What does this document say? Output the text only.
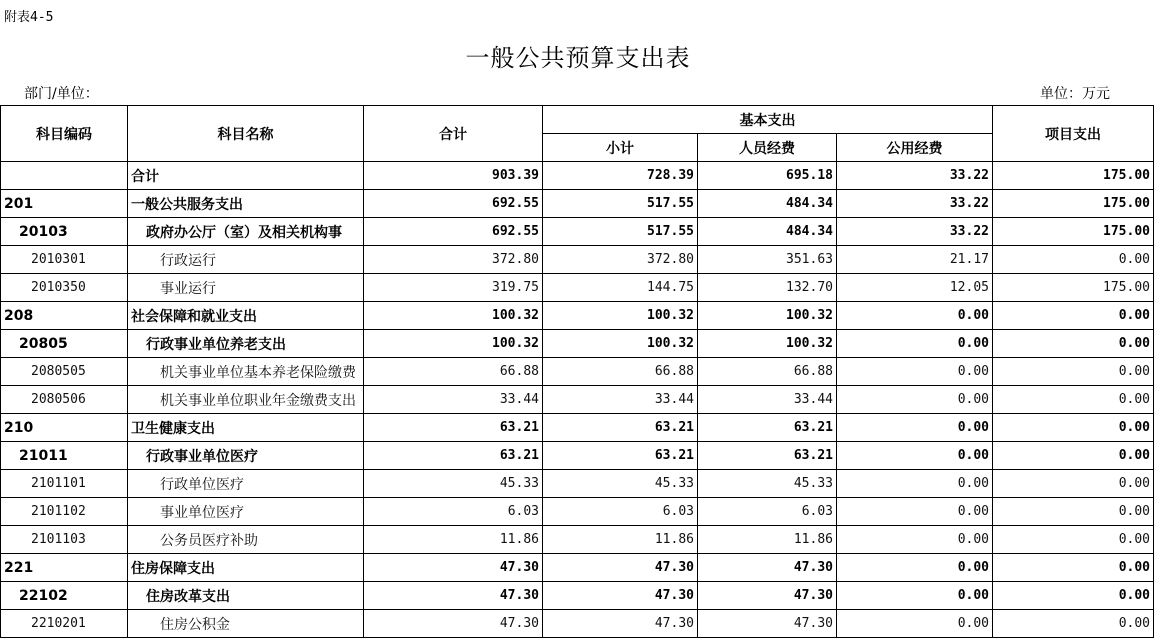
附表4-5
一般公共预算支出表
部门/单位：	单位：万元
科目编码	科目名称	合计	基本支出			项目支出
			小计	人员经费	公用经费	
	合计	903.39	728.39	695.18	33.22	175.00
201	一般公共服务支出	692.55	517.55	484.34	33.22	175.00
20103	政府办公厅（室）及相关机构事	692.55	517.55	484.34	33.22	175.00
2010301	行政运行	372.80	372.80	351.63	21.17	0.00
2010350	事业运行	319.75	144.75	132.70	12.05	175.00
208	社会保障和就业支出	100.32	100.32	100.32	0.00	0.00
20805	行政事业单位养老支出	100.32	100.32	100.32	0.00	0.00
2080505	机关事业单位基本养老保险缴费	66.88	66.88	66.88	0.00	0.00
2080506	机关事业单位职业年金缴费支出	33.44	33.44	33.44	0.00	0.00
210	卫生健康支出	63.21	63.21	63.21	0.00	0.00
21011	行政事业单位医疗	63.21	63.21	63.21	0.00	0.00
2101101	行政单位医疗	45.33	45.33	45.33	0.00	0.00
2101102	事业单位医疗	6.03	6.03	6.03	0.00	0.00
2101103	公务员医疗补助	11.86	11.86	11.86	0.00	0.00
221	住房保障支出	47.30	47.30	47.30	0.00	0.00
22102	住房改革支出	47.30	47.30	47.30	0.00	0.00
2210201	住房公积金	47.30	47.30	47.30	0.00	0.00
